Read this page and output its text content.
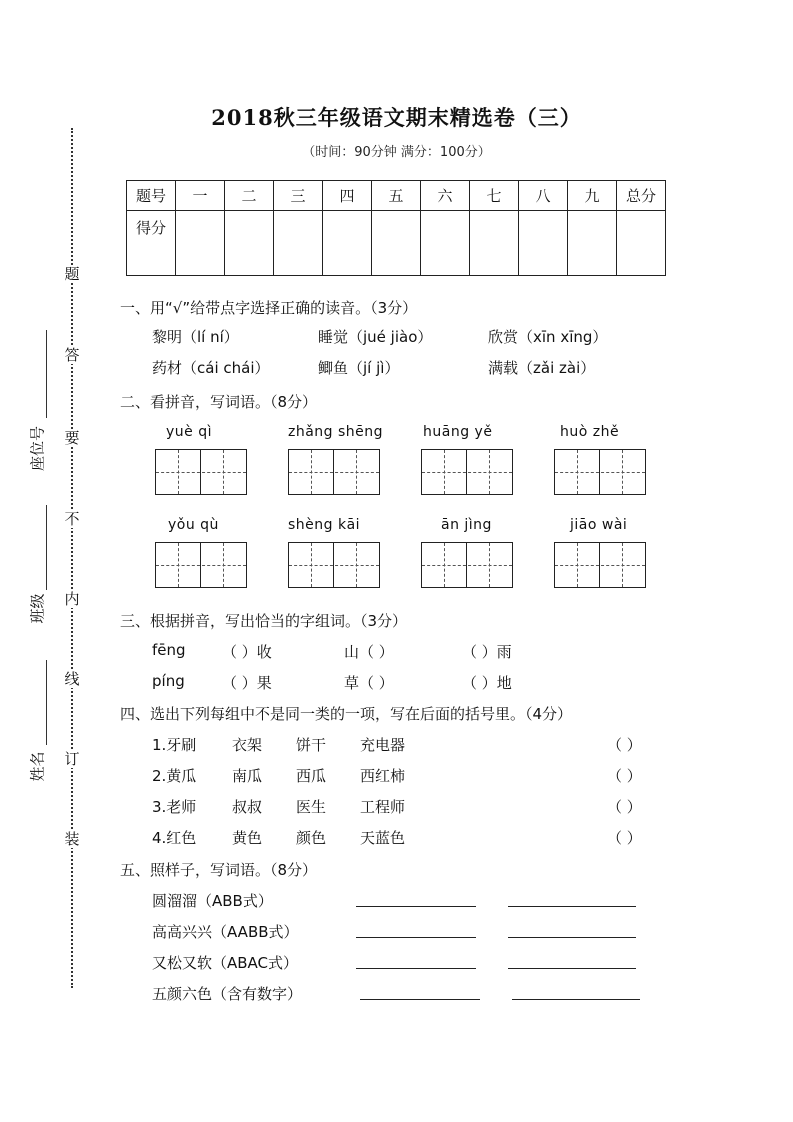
题
答
要
不
内
线
订
装
座位号
班级
姓名
2018秋三年级语文期末精选卷（三）
（时间：90分钟 满分：100分）
题号	一	二	三	四	五	六	七	八	九	总分
得分										
一、用“√”给带点字选择正确的读音。（3分）
黎明（lí ní）	睡觉（jué jiào）	欣赏（xīn xīng）
药材（cái chái）	鲫鱼（jí jì）	满载（zǎi zài）
二、看拼音，写词语。（8分）
yuè qì	zhǎng shēng	huāng yě	huò zhě
yǒu qù	shèng kāi	ān jìng	jiāo wài
三、根据拼音，写出恰当的字组词。（3分）
fēng （ ）收	山（ ）	（ ）雨
píng （ ）果	草（ ）	（ ）地
四、选出下列每组中不是同一类的一项，写在后面的括号里。（4分）
1.牙刷 衣架 饼干 充电器	（ ）
2.黄瓜 南瓜 西瓜 西红柿	（ ）
3.老师 叔叔 医生 工程师	（ ）
4.红色 黄色 颜色 天蓝色	（ ）
五、照样子，写词语。（8分）
圆溜溜（ABB式）
高高兴兴（AABB式）
又松又软（ABAC式）
五颜六色（含有数字）
